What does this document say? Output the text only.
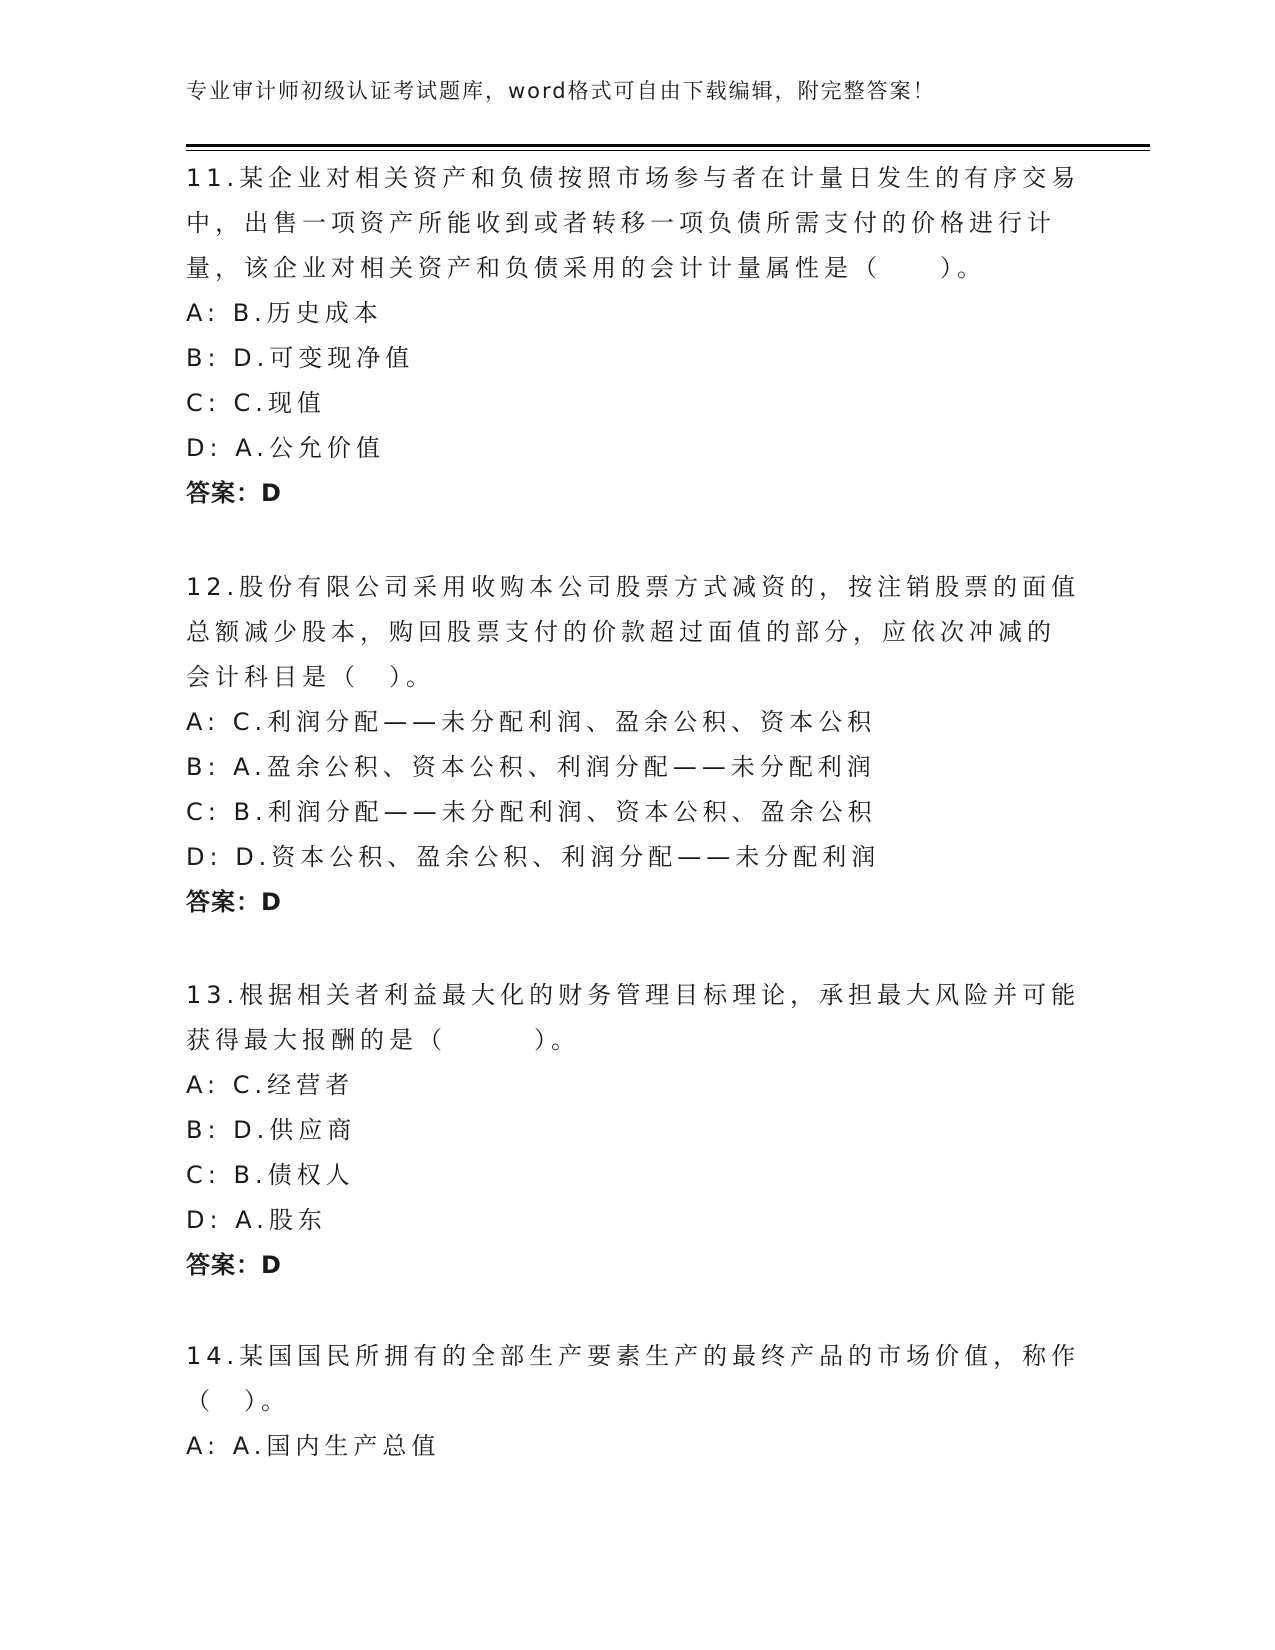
专业审计师初级认证考试题库，word格式可自由下载编辑，附完整答案！

11.某企业对相关资产和负债按照市场参与者在计量日发生的有序交易

中，出售一项资产所能收到或者转移一项负债所需支付的价格进行计

量，该企业对相关资产和负债采用的会计计量属性是（　　）。

A: B.历史成本

B: D.可变现净值

C: C.现值

D: A.公允价值

答案：D

12.股份有限公司采用收购本公司股票方式减资的，按注销股票的面值

总额减少股本，购回股票支付的价款超过面值的部分，应依次冲减的

会计科目是（　）。

A: C.利润分配——未分配利润、盈余公积、资本公积

B: A.盈余公积、资本公积、利润分配——未分配利润

C: B.利润分配——未分配利润、资本公积、盈余公积

D: D.资本公积、盈余公积、利润分配——未分配利润

答案：D

13.根据相关者利益最大化的财务管理目标理论，承担最大风险并可能

获得最大报酬的是（　　　）。

A: C.经营者

B: D.供应商

C: B.债权人

D: A.股东

答案：D

14.某国国民所拥有的全部生产要素生产的最终产品的市场价值，称作

（　）。

A: A.国内生产总值
